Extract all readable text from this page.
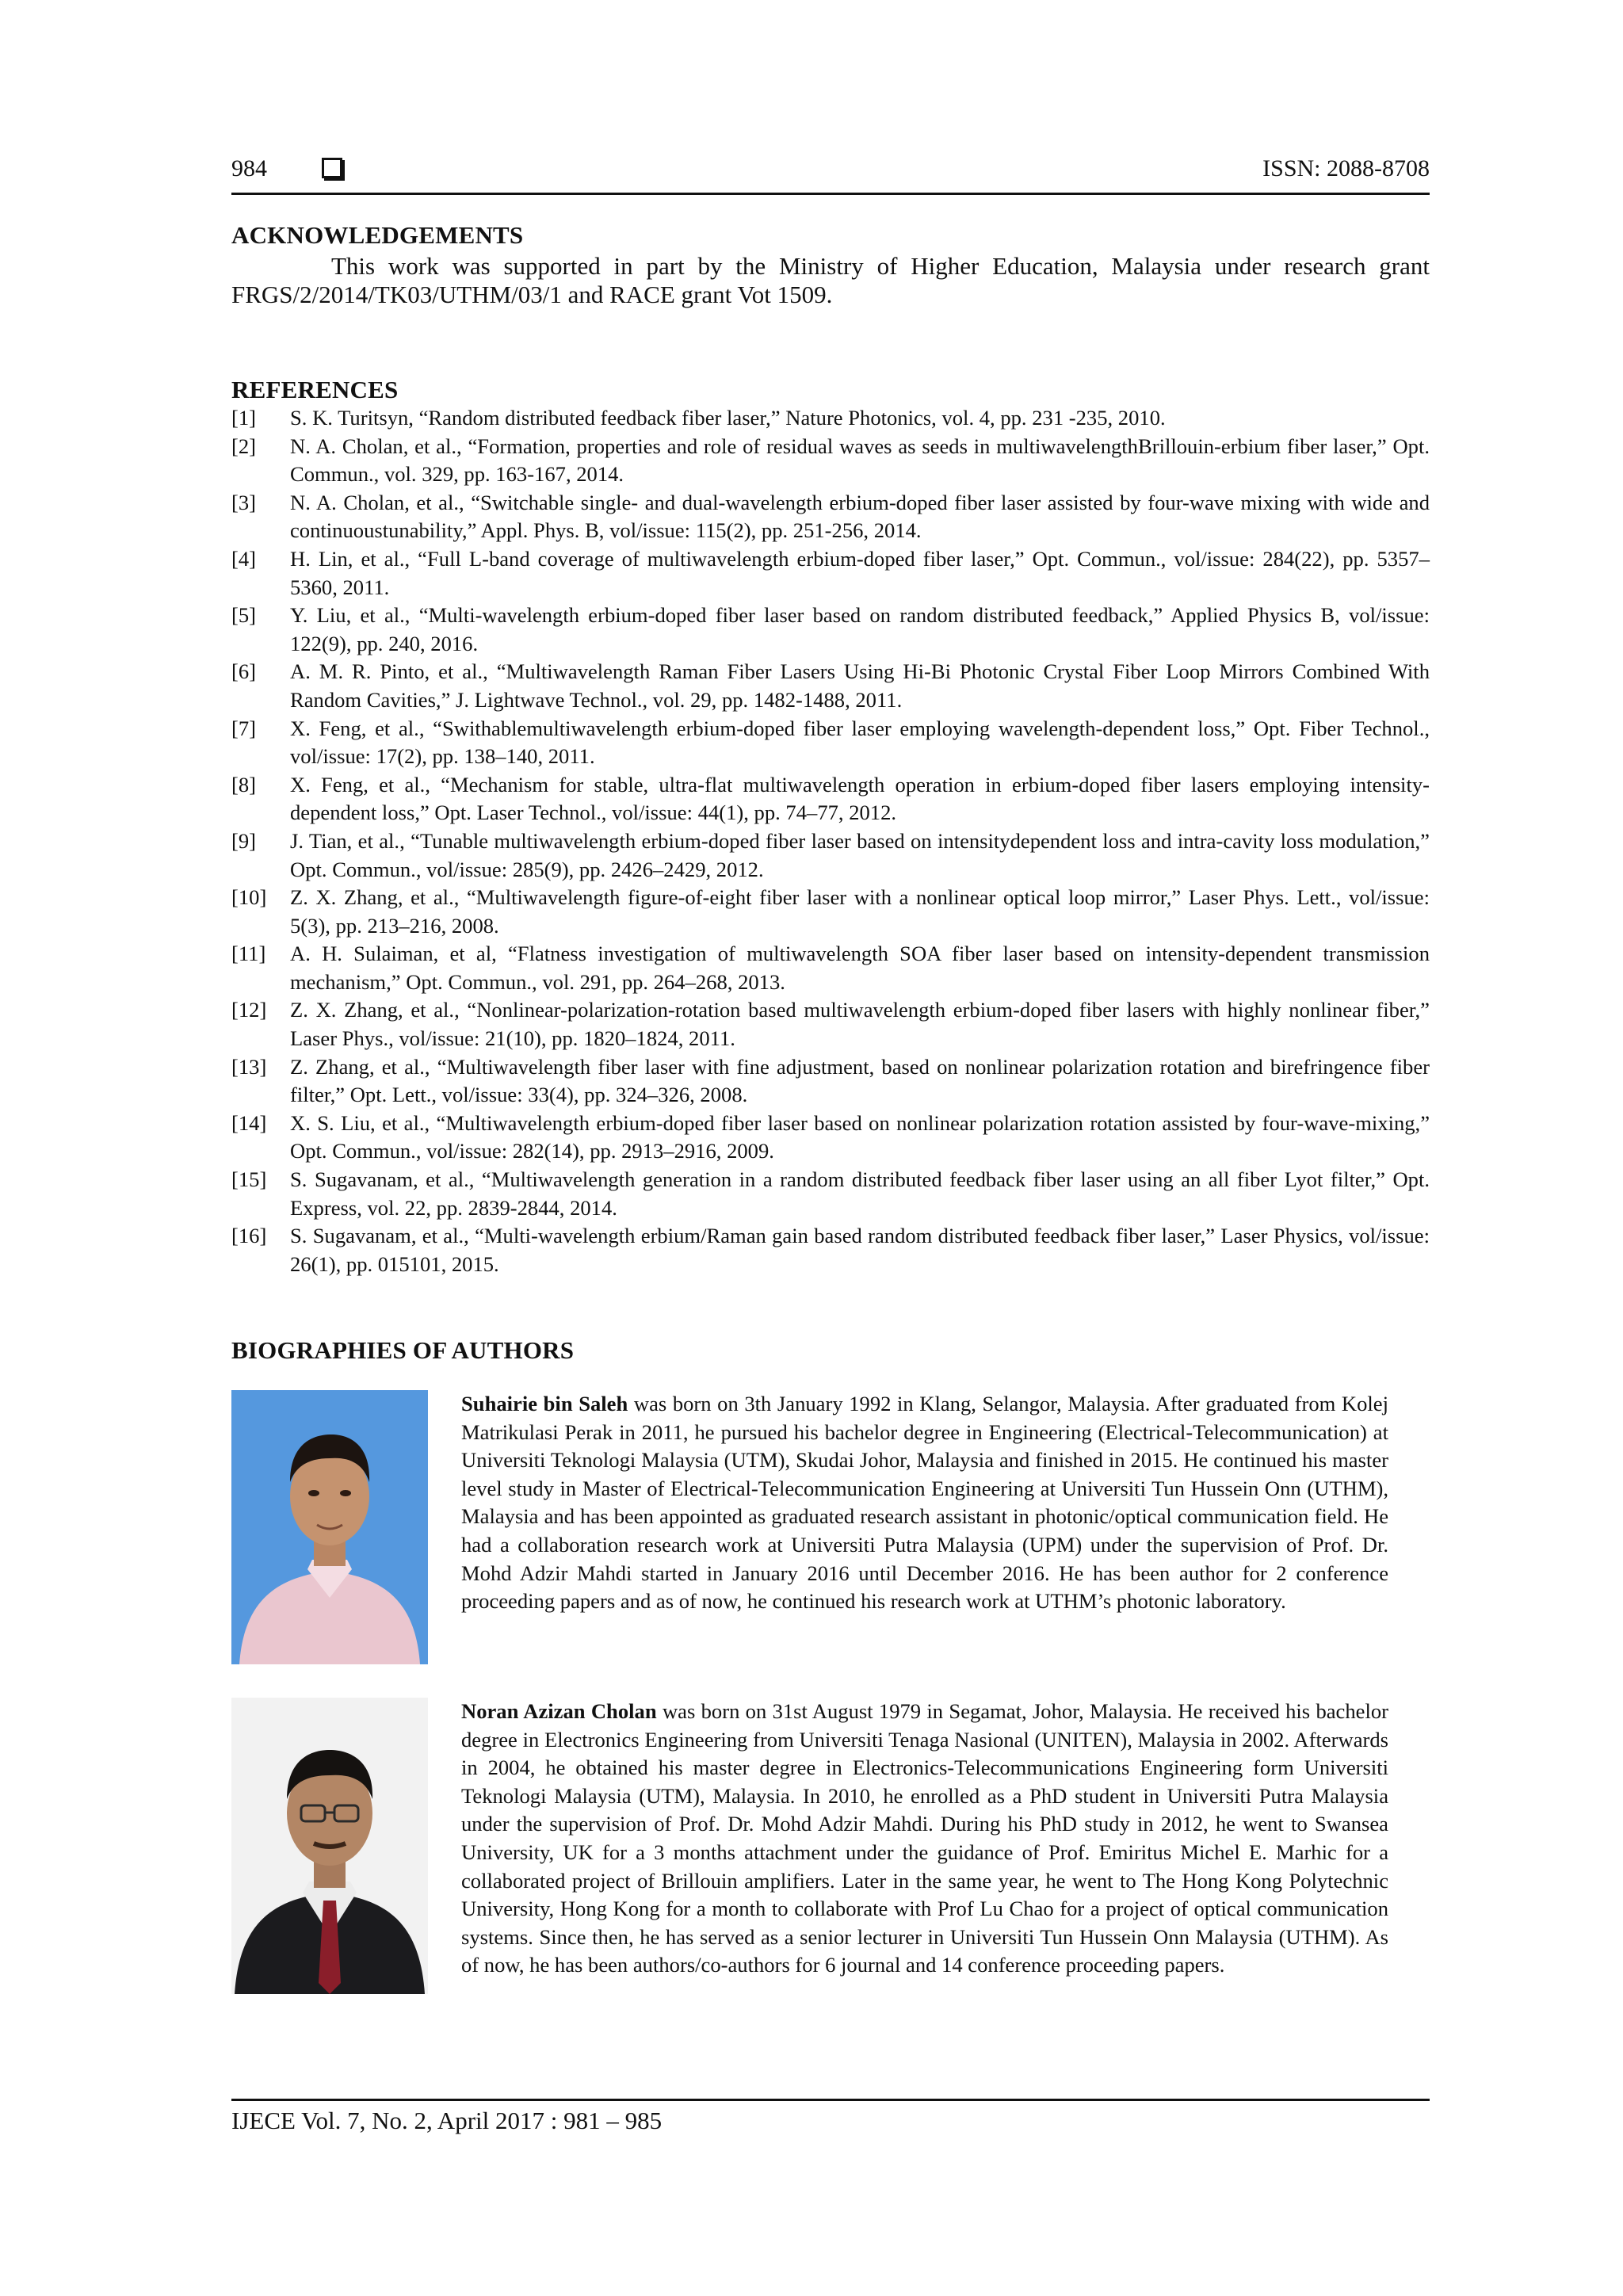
984	ISSN: 2088-8708
ACKNOWLEDGEMENTS
This work was supported in part by the Ministry of Higher Education, Malaysia under research grant FRGS/2/2014/TK03/UTHM/03/1 and RACE grant Vot 1509.
REFERENCES
[1]	S. K. Turitsyn, “Random distributed feedback fiber laser,” Nature Photonics, vol. 4, pp. 231 -235, 2010.
[2]	N. A. Cholan, et al., “Formation, properties and role of residual waves as seeds in multiwavelengthBrillouin-erbium fiber laser,” Opt. Commun., vol. 329, pp. 163-167, 2014.
[3]	N. A. Cholan, et al., “Switchable single- and dual-wavelength erbium-doped fiber laser assisted by four-wave mixing with wide and continuoustunability,” Appl. Phys. B, vol/issue: 115(2), pp. 251-256, 2014.
[4]	H. Lin, et al., “Full L-band coverage of multiwavelength erbium-doped fiber laser,” Opt. Commun., vol/issue: 284(22), pp. 5357–5360, 2011.
[5]	Y. Liu, et al., “Multi-wavelength erbium-doped fiber laser based on random distributed feedback,” Applied Physics B, vol/issue: 122(9), pp. 240, 2016.
[6]	A. M. R. Pinto, et al., “Multiwavelength Raman Fiber Lasers Using Hi-Bi Photonic Crystal Fiber Loop Mirrors Combined With Random Cavities,” J. Lightwave Technol., vol. 29, pp. 1482-1488, 2011.
[7]	X. Feng, et al., “Swithablemultiwavelength erbium-doped fiber laser employing wavelength-dependent loss,” Opt. Fiber Technol., vol/issue: 17(2), pp. 138–140, 2011.
[8]	X. Feng, et al., “Mechanism for stable, ultra-flat multiwavelength operation in erbium-doped fiber lasers employing intensity-dependent loss,” Opt. Laser Technol., vol/issue: 44(1), pp. 74–77, 2012.
[9]	J. Tian, et al., “Tunable multiwavelength erbium-doped fiber laser based on intensitydependent loss and intra-cavity loss modulation,” Opt. Commun., vol/issue: 285(9), pp. 2426–2429, 2012.
[10]	Z. X. Zhang, et al., “Multiwavelength figure-of-eight fiber laser with a nonlinear optical loop mirror,” Laser Phys. Lett., vol/issue: 5(3), pp. 213–216, 2008.
[11]	A. H. Sulaiman, et al, “Flatness investigation of multiwavelength SOA fiber laser based on intensity-dependent transmission mechanism,” Opt. Commun., vol. 291, pp. 264–268, 2013.
[12]	Z. X. Zhang, et al., “Nonlinear-polarization-rotation based multiwavelength erbium-doped fiber lasers with highly nonlinear fiber,” Laser Phys., vol/issue: 21(10), pp. 1820–1824, 2011.
[13]	Z. Zhang, et al., “Multiwavelength fiber laser with fine adjustment, based on nonlinear polarization rotation and birefringence fiber filter,” Opt. Lett., vol/issue: 33(4), pp. 324–326, 2008.
[14]	X. S. Liu, et al., “Multiwavelength erbium-doped fiber laser based on nonlinear polarization rotation assisted by four-wave-mixing,” Opt. Commun., vol/issue: 282(14), pp. 2913–2916, 2009.
[15]	S. Sugavanam, et al., “Multiwavelength generation in a random distributed feedback fiber laser using an all fiber Lyot filter,” Opt. Express, vol. 22, pp. 2839-2844, 2014.
[16]	S. Sugavanam, et al., “Multi-wavelength erbium/Raman gain based random distributed feedback fiber laser,” Laser Physics, vol/issue: 26(1), pp. 015101, 2015.
BIOGRAPHIES OF AUTHORS
Suhairie bin Saleh was born on 3th January 1992 in Klang, Selangor, Malaysia. After graduated from Kolej Matrikulasi Perak in 2011, he pursued his bachelor degree in Engineering (Electrical-Telecommunication) at Universiti Teknologi Malaysia (UTM), Skudai Johor, Malaysia and finished in 2015. He continued his master level study in Master of Electrical-Telecommunication Engineering at Universiti Tun Hussein Onn (UTHM), Malaysia and has been appointed as graduated research assistant in photonic/optical communication field. He had a collaboration research work at Universiti Putra Malaysia (UPM) under the supervision of Prof. Dr. Mohd Adzir Mahdi started in January 2016 until December 2016. He has been author for 2 conference proceeding papers and as of now, he continued his research work at UTHM’s photonic laboratory.
Noran Azizan Cholan was born on 31st August 1979 in Segamat, Johor, Malaysia. He received his bachelor degree in Electronics Engineering from Universiti Tenaga Nasional (UNITEN), Malaysia in 2002. Afterwards in 2004, he obtained his master degree in Electronics-Telecommunications Engineering form Universiti Teknologi Malaysia (UTM), Malaysia. In 2010, he enrolled as a PhD student in Universiti Putra Malaysia under the supervision of Prof. Dr. Mohd Adzir Mahdi. During his PhD study in 2012, he went to Swansea University, UK for a 3 months attachment under the guidance of Prof. Emiritus Michel E. Marhic for a collaborated project of Brillouin amplifiers. Later in the same year, he went to The Hong Kong Polytechnic University, Hong Kong for a month to collaborate with Prof Lu Chao for a project of optical communication systems. Since then, he has served as a senior lecturer in Universiti Tun Hussein Onn Malaysia (UTHM). As of now, he has been authors/co-authors for 6 journal and 14 conference proceeding papers.
IJECE Vol. 7, No. 2, April 2017 : 981 – 985
